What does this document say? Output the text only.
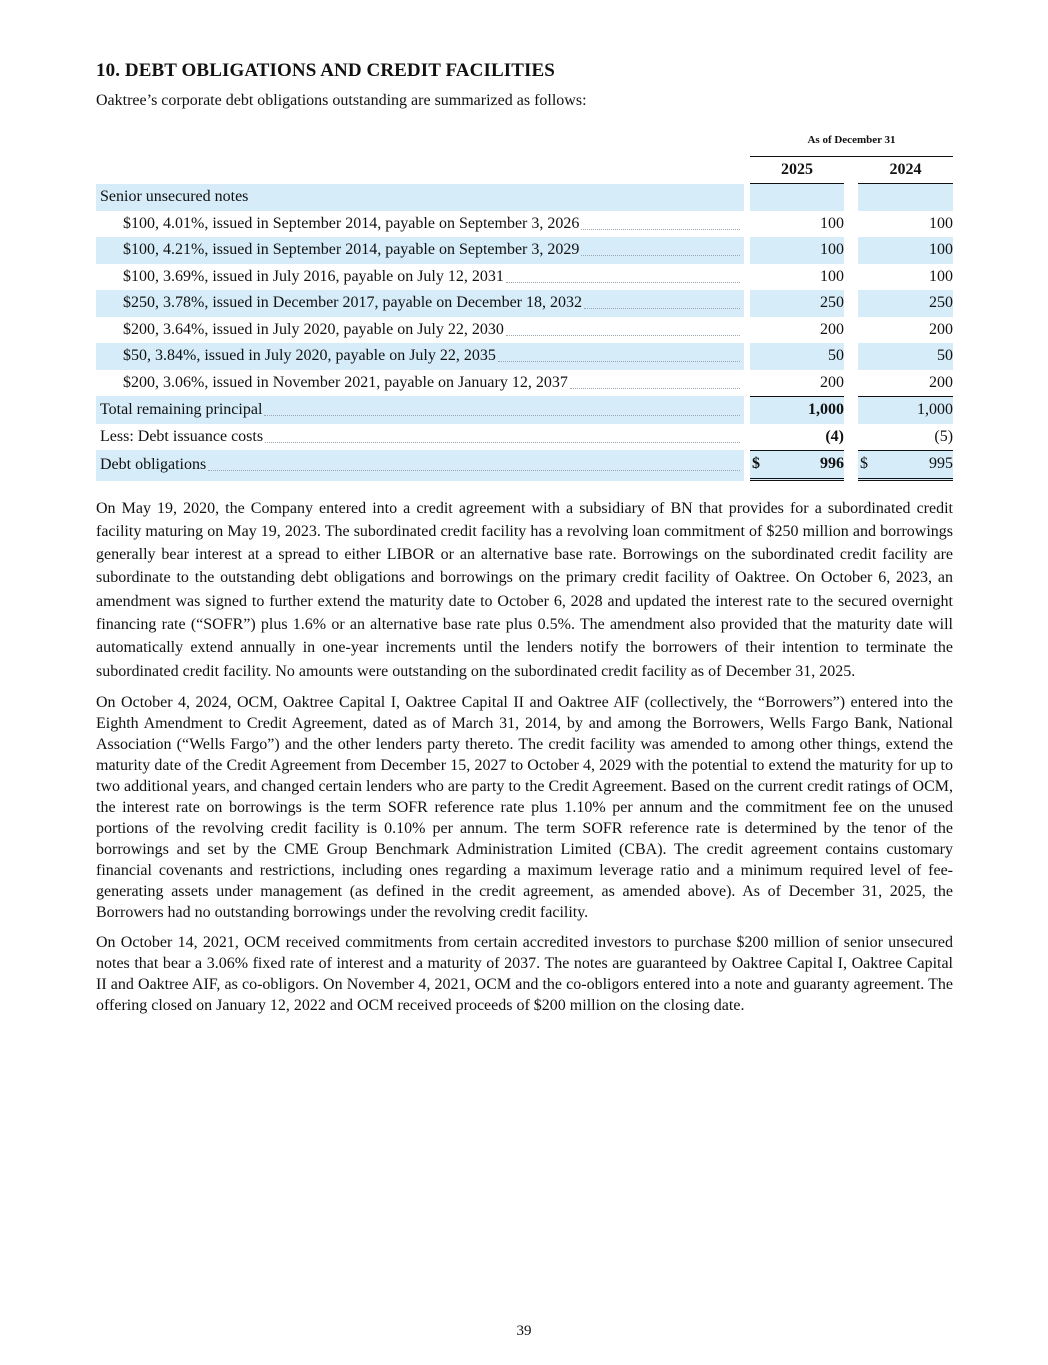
10. DEBT OBLIGATIONS AND CREDIT FACILITIES

Oaktree’s corporate debt obligations outstanding are summarized as follows:

		As of December 31				
		2025			2024	
Senior unsecured notes						

$100, 4.01%, issued in September 2014, payable on September 3, 2026			100			100

$100, 4.21%, issued in September 2014, payable on September 3, 2029			100			100

$100, 3.69%, issued in July 2016, payable on July 12, 2031			100			100

$250, 3.78%, issued in December 2017, payable on December 18, 2032			250			250

$200, 3.64%, issued in July 2020, payable on July 22, 2030			200			200

$50, 3.84%, issued in July 2020, payable on July 22, 2035			50			50

$200, 3.06%, issued in November 2021, payable on January 12, 2037			200			200

Total remaining principal			1,000			1,000

Less: Debt issuance costs			(4)			(5)

Debt obligations		$	996		$	995

On May 19, 2020, the Company entered into a credit agreement with a subsidiary of BN that provides for a subordinated credit facility maturing on May 19, 2023. The subordinated credit facility has a revolving loan commitment of $250 million and borrowings generally bear interest at a spread to either LIBOR or an alternative base rate. Borrowings on the subordinated credit facility are subordinate to the outstanding debt obligations and borrowings on the primary credit facility of Oaktree. On October 6, 2023, an amendment was signed to further extend the maturity date to October 6, 2028 and updated the interest rate to the secured overnight financing rate (“SOFR”) plus 1.6% or an alternative base rate plus 0.5%. The amendment also provided that the maturity date will automatically extend annually in one-year increments until the lenders notify the borrowers of their intention to terminate the subordinated credit facility. No amounts were outstanding on the subordinated credit facility as of December 31, 2025.

On October 4, 2024, OCM, Oaktree Capital I, Oaktree Capital II and Oaktree AIF (collectively, the “Borrowers”) entered into the Eighth Amendment to Credit Agreement, dated as of March 31, 2014, by and among the Borrowers, Wells Fargo Bank, National Association (“Wells Fargo”) and the other lenders party thereto. The credit facility was amended to among other things, extend the maturity date of the Credit Agreement from December 15, 2027 to October 4, 2029 with the potential to extend the maturity for up to two additional years, and changed certain lenders who are party to the Credit Agreement. Based on the current credit ratings of OCM, the interest rate on borrowings is the term SOFR reference rate plus 1.10% per annum and the commitment fee on the unused portions of the revolving credit facility is 0.10% per annum. The term SOFR reference rate is determined by the tenor of the borrowings and set by the CME Group Benchmark Administration Limited (CBA). The credit agreement contains customary financial covenants and restrictions, including ones regarding a maximum leverage ratio and a minimum required level of fee-generating assets under management (as defined in the credit agreement, as amended above). As of December 31, 2025, the Borrowers had no outstanding borrowings under the revolving credit facility.

On October 14, 2021, OCM received commitments from certain accredited investors to purchase $200 million of senior unsecured notes that bear a 3.06% fixed rate of interest and a maturity of 2037. The notes are guaranteed by Oaktree Capital I, Oaktree Capital II and Oaktree AIF, as co-obligors. On November 4, 2021, OCM and the co-obligors entered into a note and guaranty agreement. The offering closed on January 12, 2022 and OCM received proceeds of $200 million on the closing date.

39
